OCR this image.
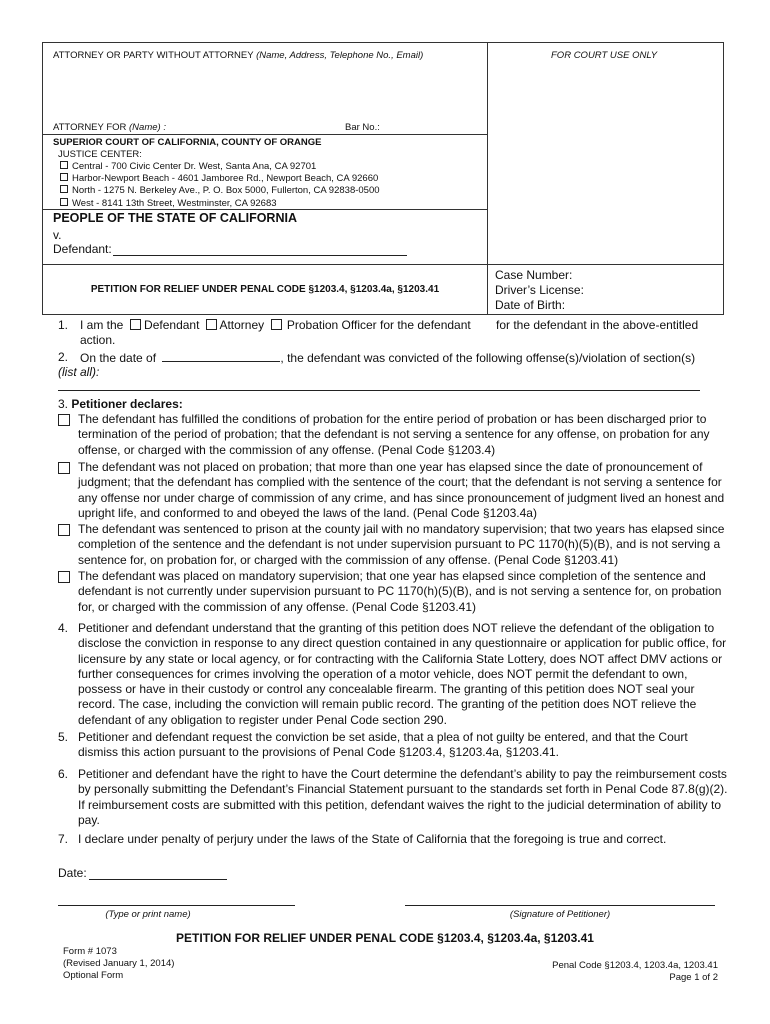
ATTORNEY OR PARTY WITHOUT ATTORNEY (Name, Address, Telephone No., Email)	FOR COURT USE ONLY
ATTORNEY FOR (Name) :	Bar No.:
SUPERIOR COURT OF CALIFORNIA, COUNTY OF ORANGE
JUSTICE CENTER:
Central - 700 Civic Center Dr. West, Santa Ana, CA 92701
Harbor-Newport Beach - 4601 Jamboree Rd., Newport Beach, CA 92660
North - 1275 N. Berkeley Ave., P. O. Box 5000, Fullerton, CA 92838-0500
West - 8141 13th Street, Westminster, CA 92683
PEOPLE OF THE STATE OF CALIFORNIA
v.
Defendant:
PETITION FOR RELIEF UNDER PENAL CODE §1203.4, §1203.4a, §1203.41
Case Number:
Driver’s License:
Date of Birth:
1. I am the Defendant Attorney Probation Officer for the defendant for the defendant in the above-entitled
action.
2. On the date of	, the defendant was convicted of the following offense(s)/violation of section(s)
(list all):
3. Petitioner declares:
The defendant has fulfilled the conditions of probation for the entire period of probation or has been discharged prior to termination of the period of probation; that the defendant is not serving a sentence for any offense, on probation for any offense, or charged with the commission of any offense. (Penal Code §1203.4)
The defendant was not placed on probation; that more than one year has elapsed since the date of pronouncement of judgment; that the defendant has complied with the sentence of the court; that the defendant is not serving a sentence for any offense nor under charge of commission of any crime, and has since pronouncement of judgment lived an honest and upright life, and conformed to and obeyed the laws of the land. (Penal Code §1203.4a)
The defendant was sentenced to prison at the county jail with no mandatory supervision; that two years has elapsed since completion of the sentence and the defendant is not under supervision pursuant to PC 1170(h)(5)(B), and is not serving a sentence for, on probation for, or charged with the commission of any offense. (Penal Code §1203.41)
The defendant was placed on mandatory supervision; that one year has elapsed since completion of the sentence and defendant is not currently under supervision pursuant to PC 1170(h)(5)(B), and is not serving a sentence for, on probation for, or charged with the commission of any offense. (Penal Code §1203.41)
4. Petitioner and defendant understand that the granting of this petition does NOT relieve the defendant of the obligation to disclose the conviction in response to any direct question contained in any questionnaire or application for public office, for licensure by any state or local agency, or for contracting with the California State Lottery, does NOT affect DMV actions or further consequences for crimes involving the operation of a motor vehicle, does NOT permit the defendant to own, possess or have in their custody or control any concealable firearm. The granting of this petition does NOT seal your record. The case, including the conviction will remain public record. The granting of the petition does NOT relieve the defendant of any obligation to register under Penal Code section 290.
5. Petitioner and defendant request the conviction be set aside, that a plea of not guilty be entered, and that the Court dismiss this action pursuant to the provisions of Penal Code §1203.4, §1203.4a, §1203.41.
6. Petitioner and defendant have the right to have the Court determine the defendant’s ability to pay the reimbursement costs by personally submitting the Defendant’s Financial Statement pursuant to the standards set forth in Penal Code 87.8(g)(2). If reimbursement costs are submitted with this petition, defendant waives the right to the judicial determination of ability to pay.
7. I declare under penalty of perjury under the laws of the State of California that the foregoing is true and correct.
Date:
(Type or print name)	(Signature of Petitioner)
PETITION FOR RELIEF UNDER PENAL CODE §1203.4, §1203.4a, §1203.41
Form # 1073
(Revised January 1, 2014)
Optional Form
Penal Code §1203.4, 1203.4a, 1203.41
Page 1 of 2
